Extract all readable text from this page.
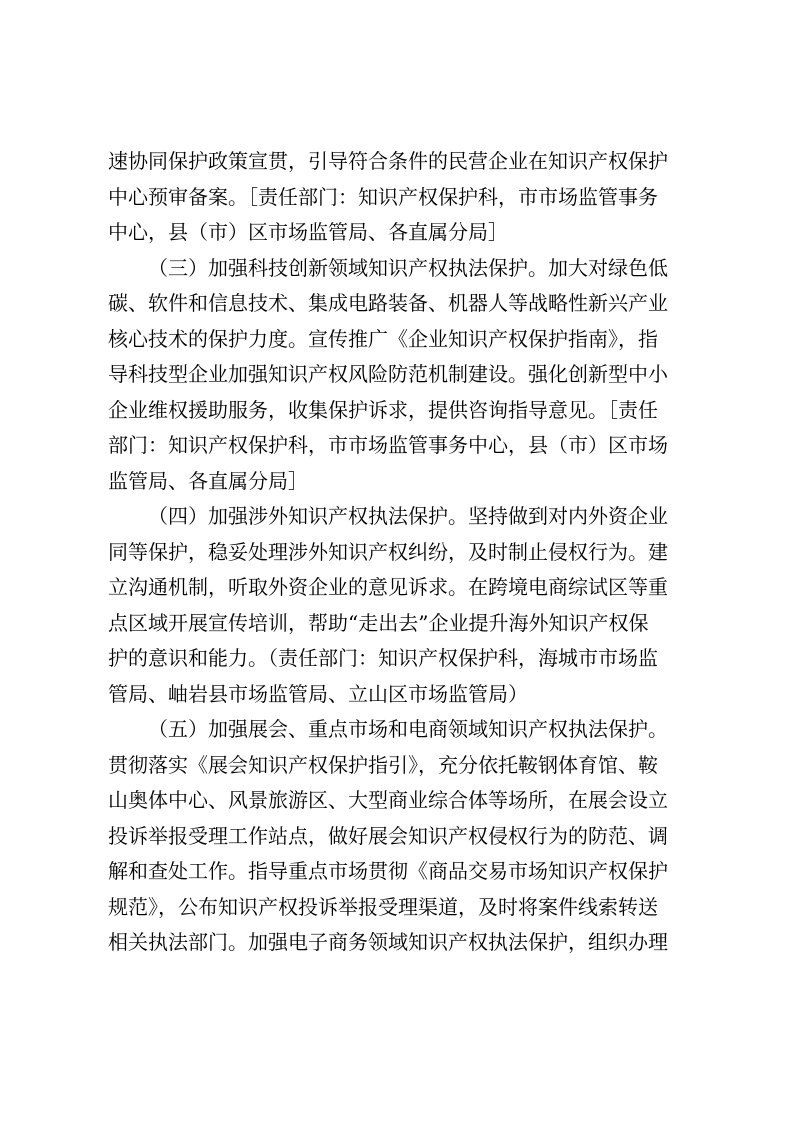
速协同保护政策宣贯，引导符合条件的民营企业在知识产权保护
中心预审备案。［责任部门：知识产权保护科，市市场监管事务
中心，县（市）区市场监管局、各直属分局］
（三）加强科技创新领域知识产权执法保护。加大对绿色低
碳、软件和信息技术、集成电路装备、机器人等战略性新兴产业
核心技术的保护力度。宣传推广《企业知识产权保护指南》，指
导科技型企业加强知识产权风险防范机制建设。强化创新型中小
企业维权援助服务，收集保护诉求，提供咨询指导意见。［责任
部门：知识产权保护科，市市场监管事务中心，县（市）区市场
监管局、各直属分局］
（四）加强涉外知识产权执法保护。坚持做到对内外资企业
同等保护，稳妥处理涉外知识产权纠纷，及时制止侵权行为。建
立沟通机制，听取外资企业的意见诉求。在跨境电商综试区等重
点区域开展宣传培训，帮助“走出去”企业提升海外知识产权保
护的意识和能力。（责任部门：知识产权保护科，海城市市场监
管局、岫岩县市场监管局、立山区市场监管局）
（五）加强展会、重点市场和电商领域知识产权执法保护。
贯彻落实《展会知识产权保护指引》，充分依托鞍钢体育馆、鞍
山奥体中心、风景旅游区、大型商业综合体等场所，在展会设立
投诉举报受理工作站点，做好展会知识产权侵权行为的防范、调
解和查处工作。指导重点市场贯彻《商品交易市场知识产权保护
规范》，公布知识产权投诉举报受理渠道，及时将案件线索转送
相关执法部门。加强电子商务领域知识产权执法保护，组织办理
